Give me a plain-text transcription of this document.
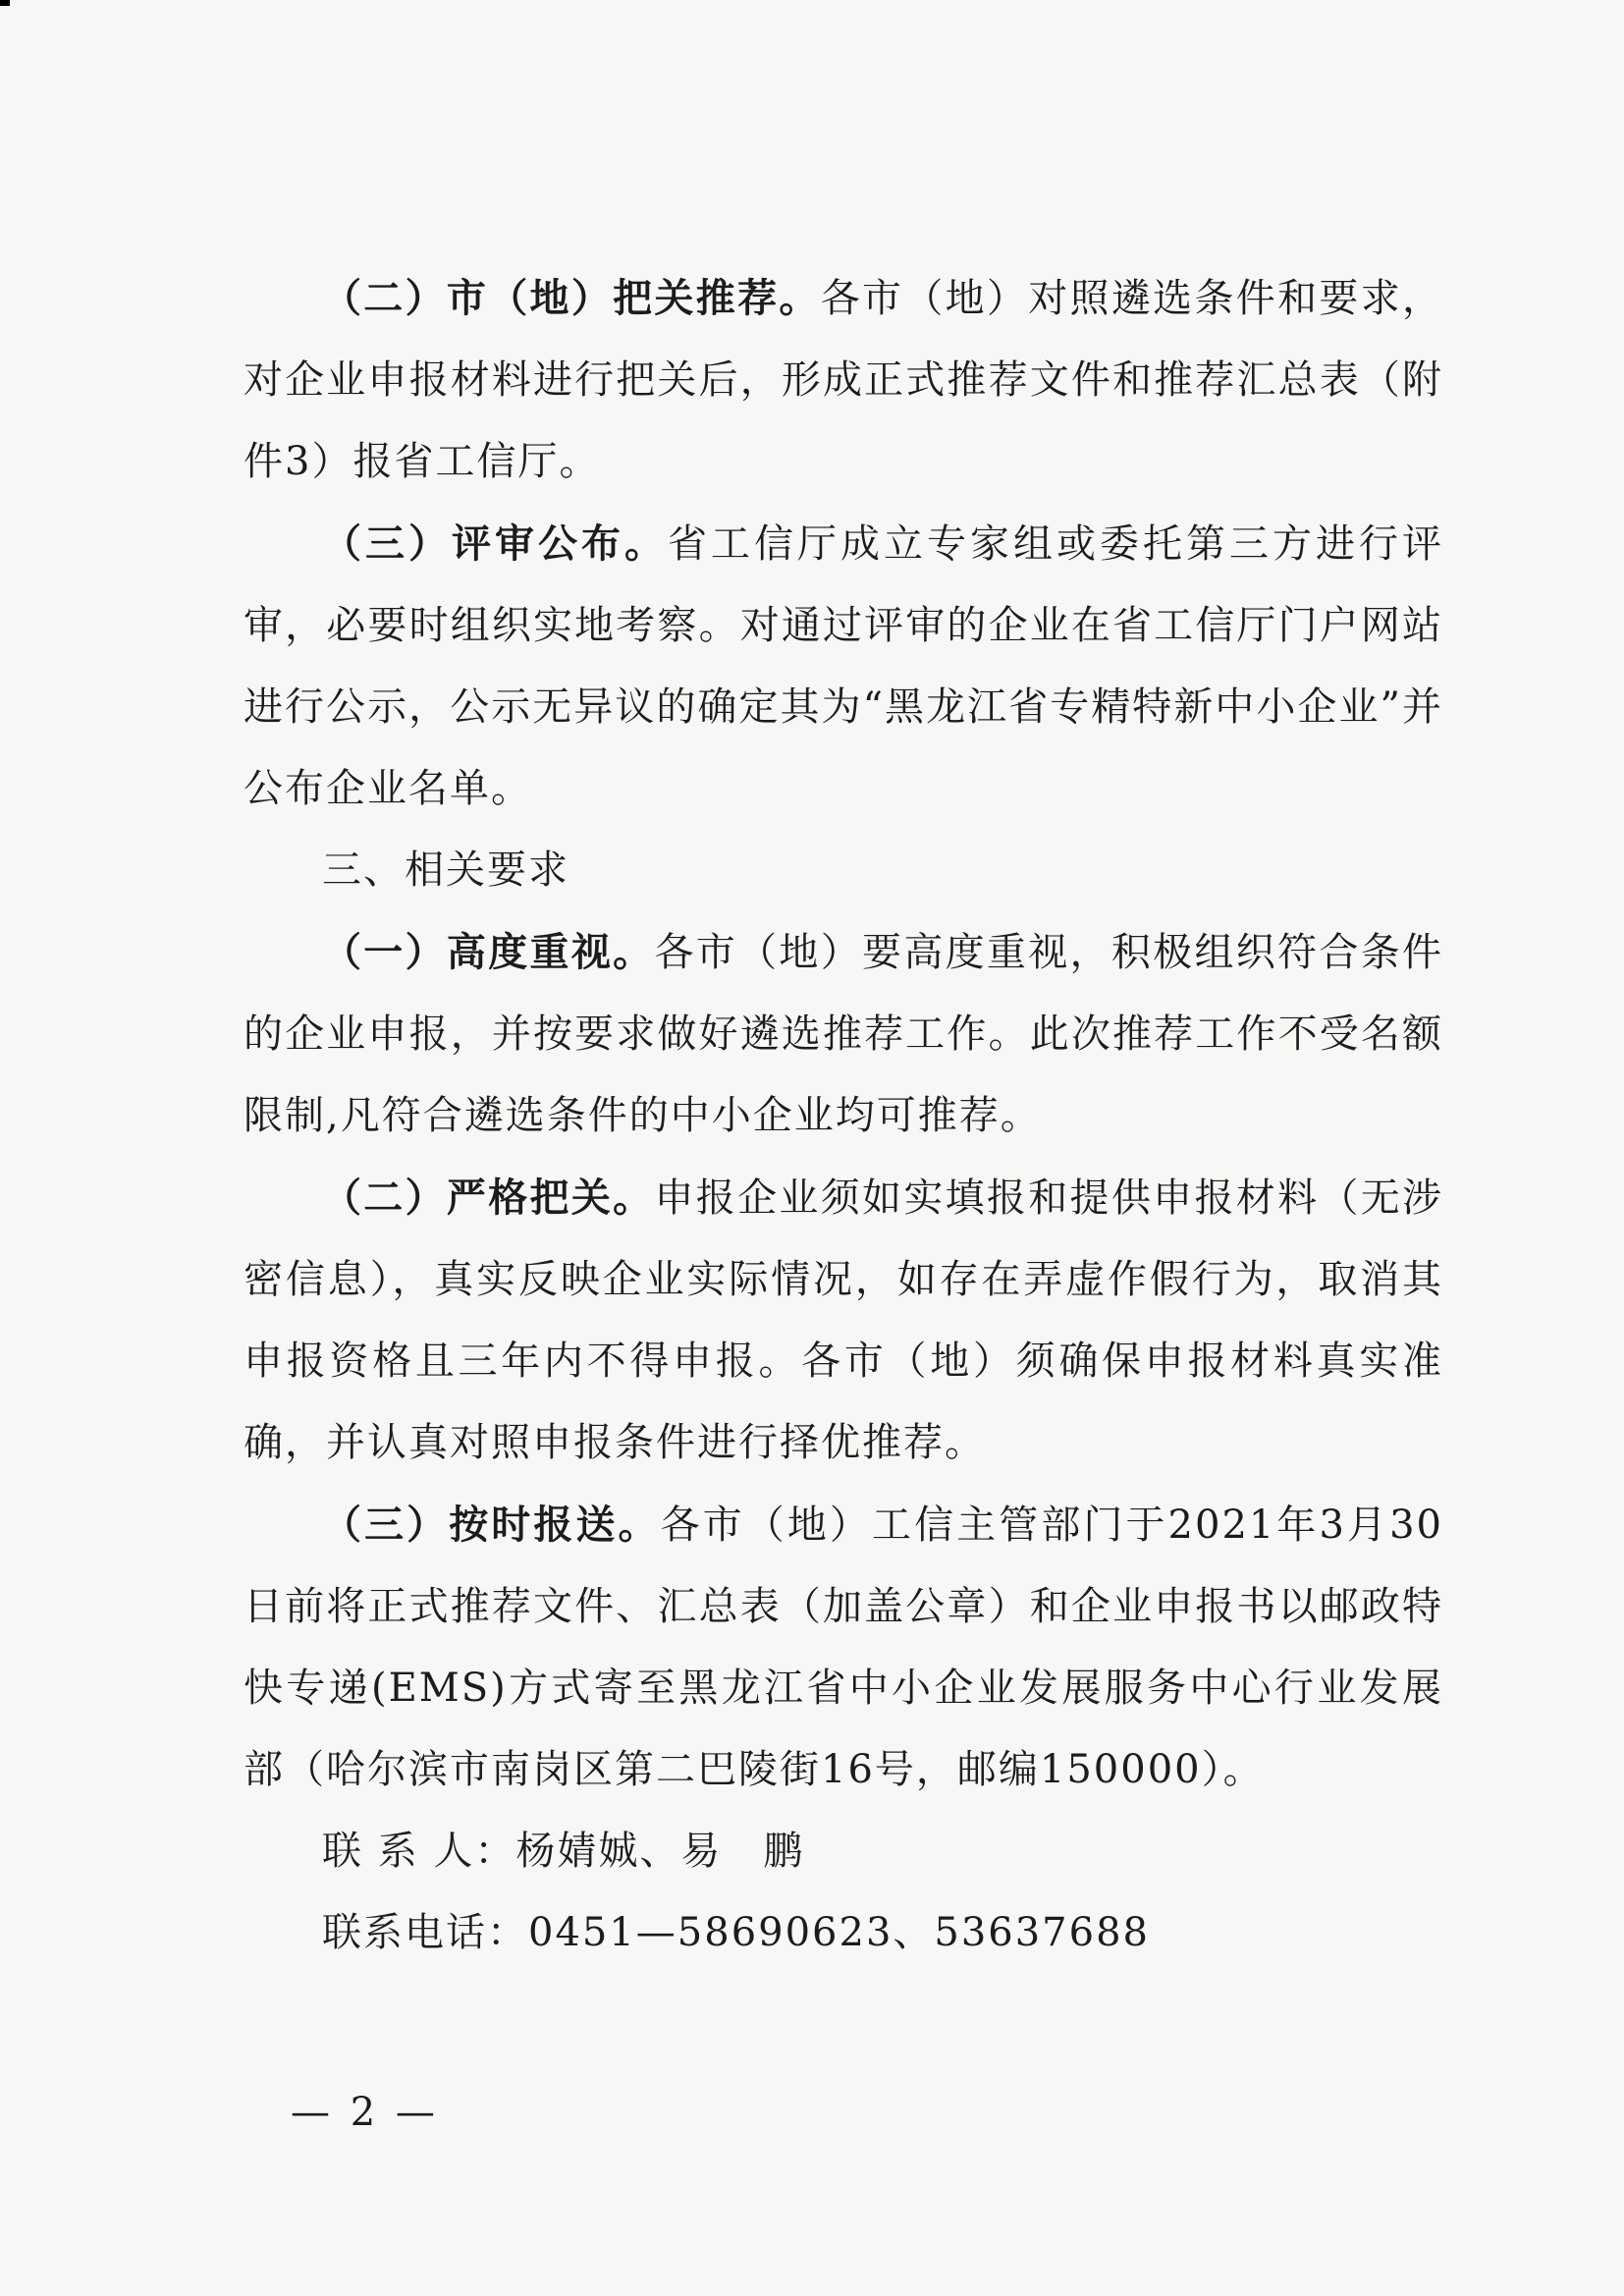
（二）市（地）把关推荐。各市（地）对照遴选条件和要求，对企业申报材料进行把关后，形成正式推荐文件和推荐汇总表（附件3）报省工信厅。

（三）评审公布。省工信厅成立专家组或委托第三方进行评审，必要时组织实地考察。对通过评审的企业在省工信厅门户网站进行公示，公示无异议的确定其为“黑龙江省专精特新中小企业”并公布企业名单。

三、相关要求

（一）高度重视。各市（地）要高度重视，积极组织符合条件的企业申报，并按要求做好遴选推荐工作。此次推荐工作不受名额限制,凡符合遴选条件的中小企业均可推荐。

（二）严格把关。申报企业须如实填报和提供申报材料（无涉密信息），真实反映企业实际情况，如存在弄虚作假行为，取消其申报资格且三年内不得申报。各市（地）须确保申报材料真实准确，并认真对照申报条件进行择优推荐。

（三）按时报送。各市（地）工信主管部门于2021年3月30日前将正式推荐文件、汇总表（加盖公章）和企业申报书以邮政特快专递(EMS)方式寄至黑龙江省中小企业发展服务中心行业发展部（哈尔滨市南岗区第二巴陵街16号，邮编150000）。

联 系 人：杨婧娍、易　鹏

联系电话：0451—58690623、53637688

— 2 —
